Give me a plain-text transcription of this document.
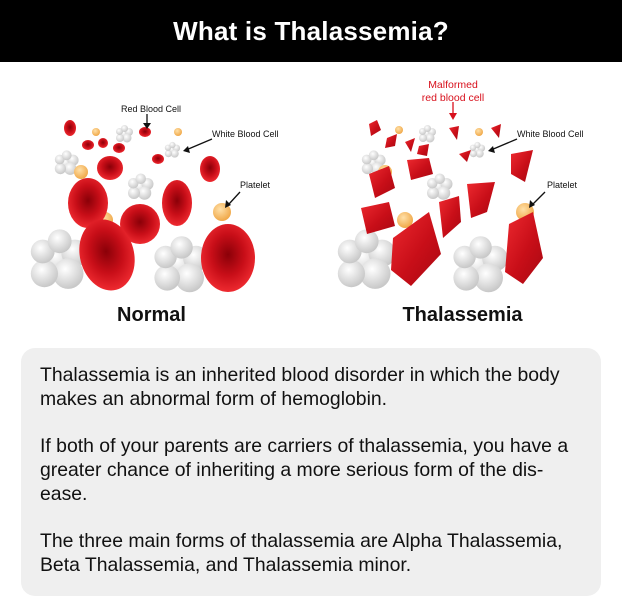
What is Thalassemia?
Red Blood Cell
White Blood Cell
Platelet
Normal
Malformed
red blood cell
White Blood Cell
Platelet
Thalassemia

Thalassemia is an inherited blood disorder in which the body makes an abnormal form of hemoglobin.

If both of your parents are carriers of thalassemia, you have a greater chance of inheriting a more serious form of the dis-ease.

The three main forms of thalassemia are Alpha Thalassemia, Beta Thalassemia, and Thalassemia minor.
